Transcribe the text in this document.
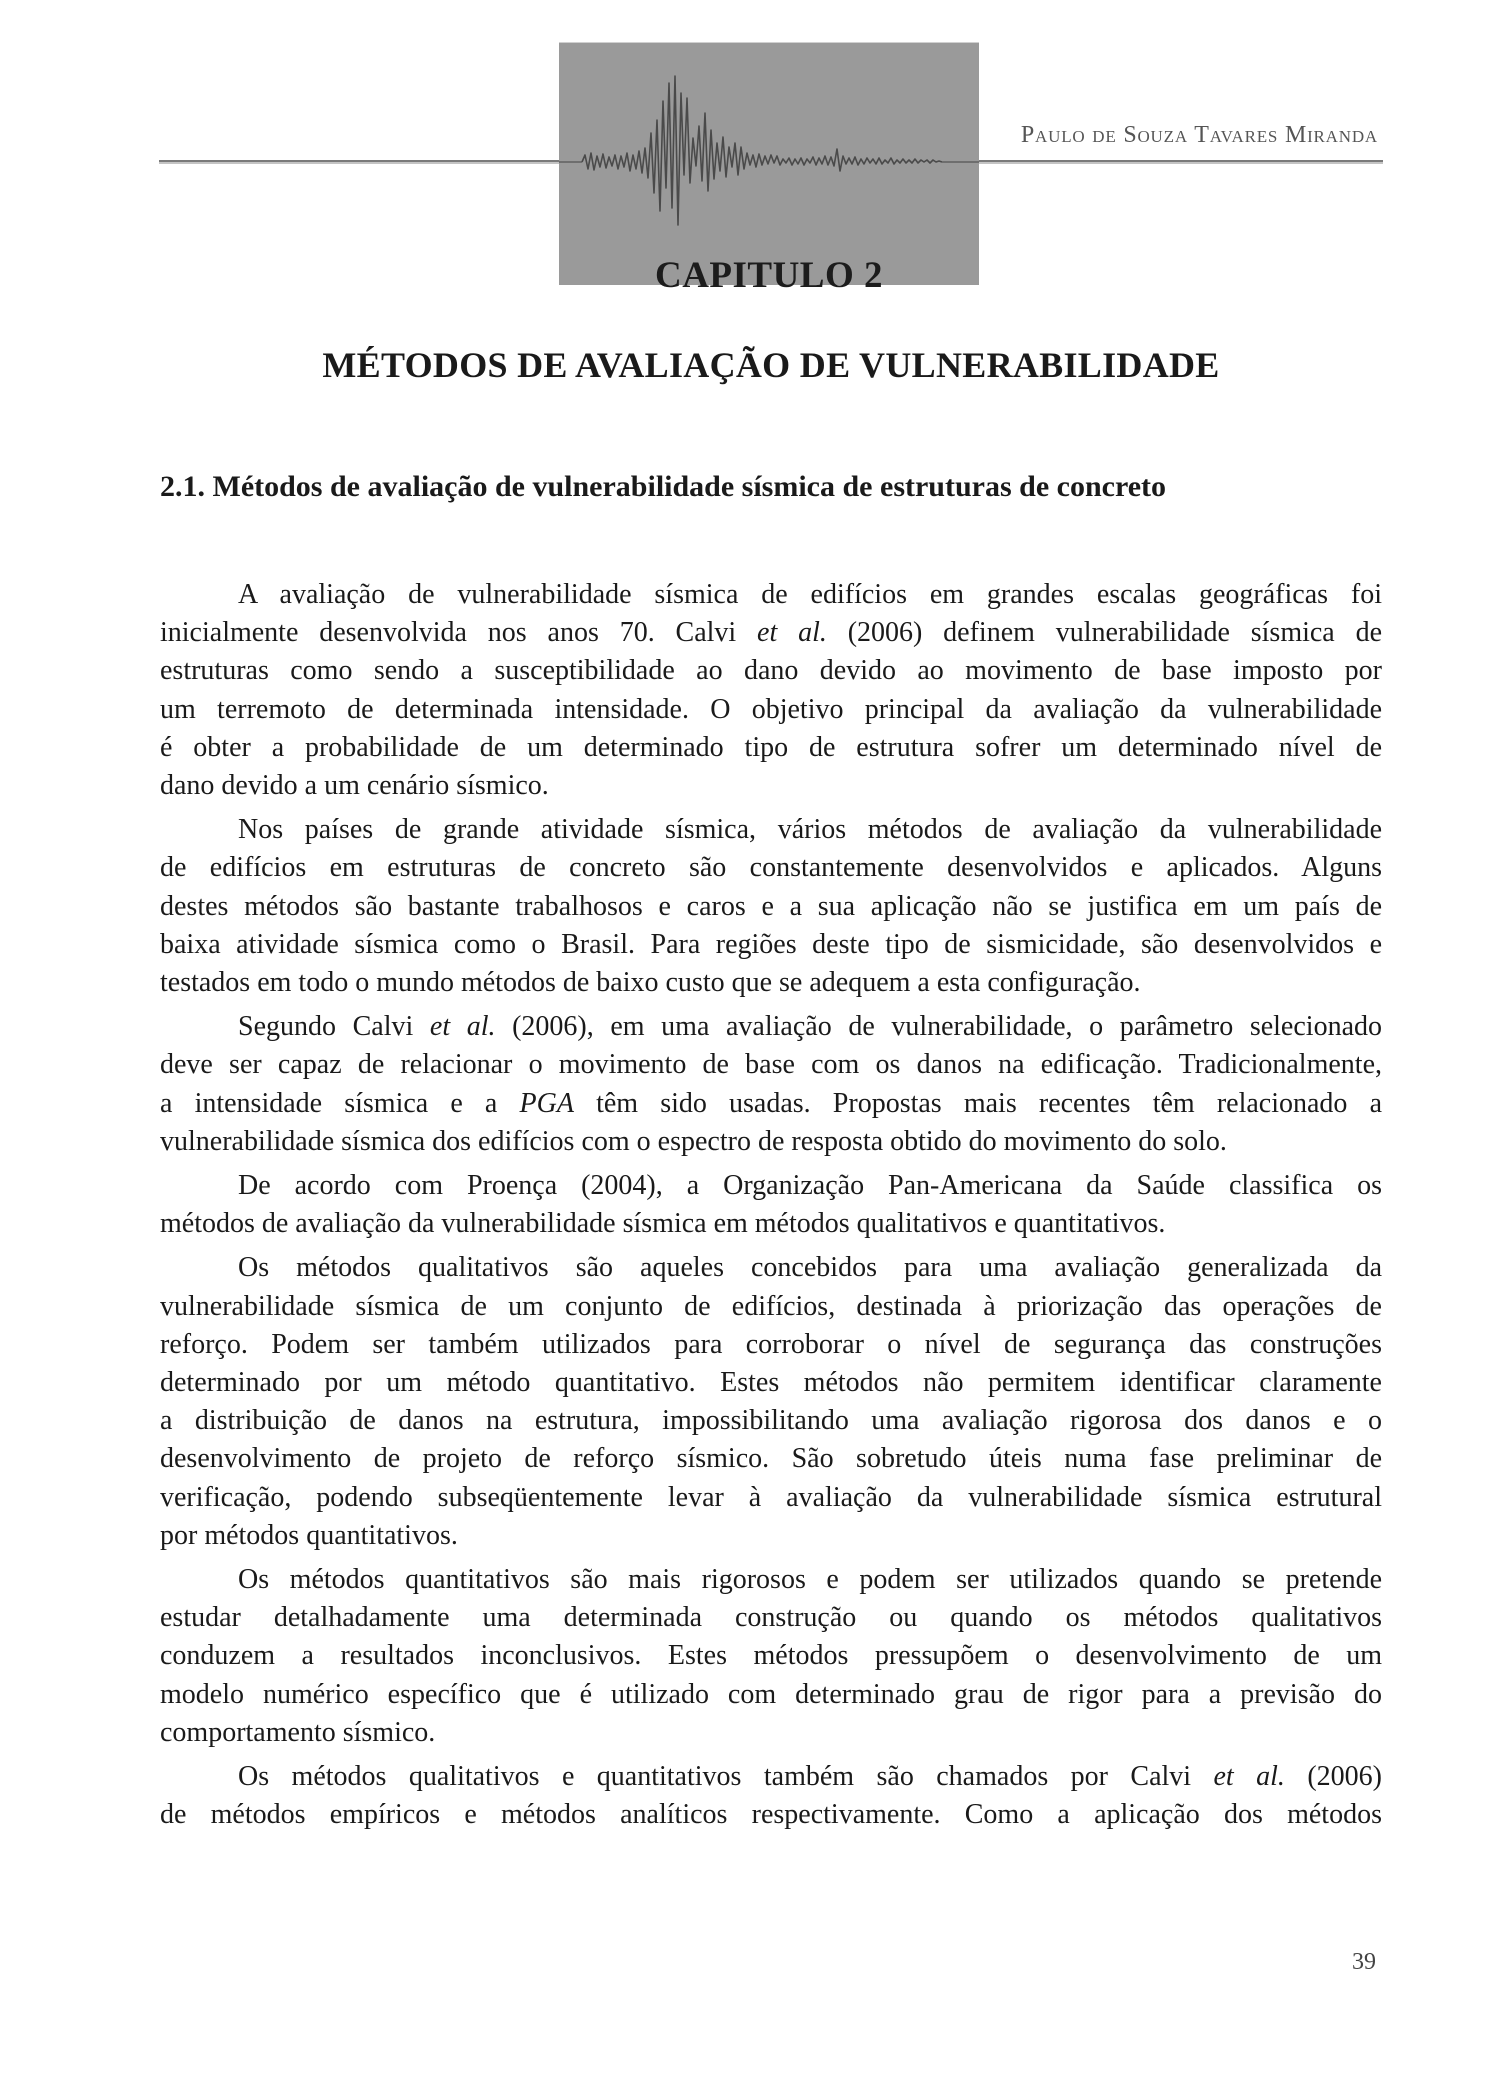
CAPITULO 2
Paulo de Souza Tavares Miranda
MÉTODOS DE AVALIAÇÃO DE VULNERABILIDADE
2.1. Métodos de avaliação de vulnerabilidade sísmica de estruturas de concreto
A avaliação de vulnerabilidade sísmica de edifícios em grandes escalas geográficas foi
inicialmente desenvolvida nos anos 70. Calvi et al. (2006) definem vulnerabilidade sísmica de
estruturas como sendo a susceptibilidade ao dano devido ao movimento de base imposto por
um terremoto de determinada intensidade. O objetivo principal da avaliação da vulnerabilidade
é obter a probabilidade de um determinado tipo de estrutura sofrer um determinado nível de
dano devido a um cenário sísmico.
Nos países de grande atividade sísmica, vários métodos de avaliação da vulnerabilidade
de edifícios em estruturas de concreto são constantemente desenvolvidos e aplicados. Alguns
destes métodos são bastante trabalhosos e caros e a sua aplicação não se justifica em um país de
baixa atividade sísmica como o Brasil. Para regiões deste tipo de sismicidade, são desenvolvidos e
testados em todo o mundo métodos de baixo custo que se adequem a esta configuração.
Segundo Calvi et al. (2006), em uma avaliação de vulnerabilidade, o parâmetro selecionado
deve ser capaz de relacionar o movimento de base com os danos na edificação. Tradicionalmente,
a intensidade sísmica e a PGA têm sido usadas. Propostas mais recentes têm relacionado a
vulnerabilidade sísmica dos edifícios com o espectro de resposta obtido do movimento do solo.
De acordo com Proença (2004), a Organização Pan-Americana da Saúde classifica os
métodos de avaliação da vulnerabilidade sísmica em métodos qualitativos e quantitativos.
Os métodos qualitativos são aqueles concebidos para uma avaliação generalizada da
vulnerabilidade sísmica de um conjunto de edifícios, destinada à priorização das operações de
reforço. Podem ser também utilizados para corroborar o nível de segurança das construções
determinado por um método quantitativo. Estes métodos não permitem identificar claramente
a distribuição de danos na estrutura, impossibilitando uma avaliação rigorosa dos danos e o
desenvolvimento de projeto de reforço sísmico. São sobretudo úteis numa fase preliminar de
verificação, podendo subseqüentemente levar à avaliação da vulnerabilidade sísmica estrutural
por métodos quantitativos.
Os métodos quantitativos são mais rigorosos e podem ser utilizados quando se pretende
estudar detalhadamente uma determinada construção ou quando os métodos qualitativos
conduzem a resultados inconclusivos. Estes métodos pressupõem o desenvolvimento de um
modelo numérico específico que é utilizado com determinado grau de rigor para a previsão do
comportamento sísmico.
Os métodos qualitativos e quantitativos também são chamados por Calvi et al. (2006)
de métodos empíricos e métodos analíticos respectivamente. Como a aplicação dos métodos
39
